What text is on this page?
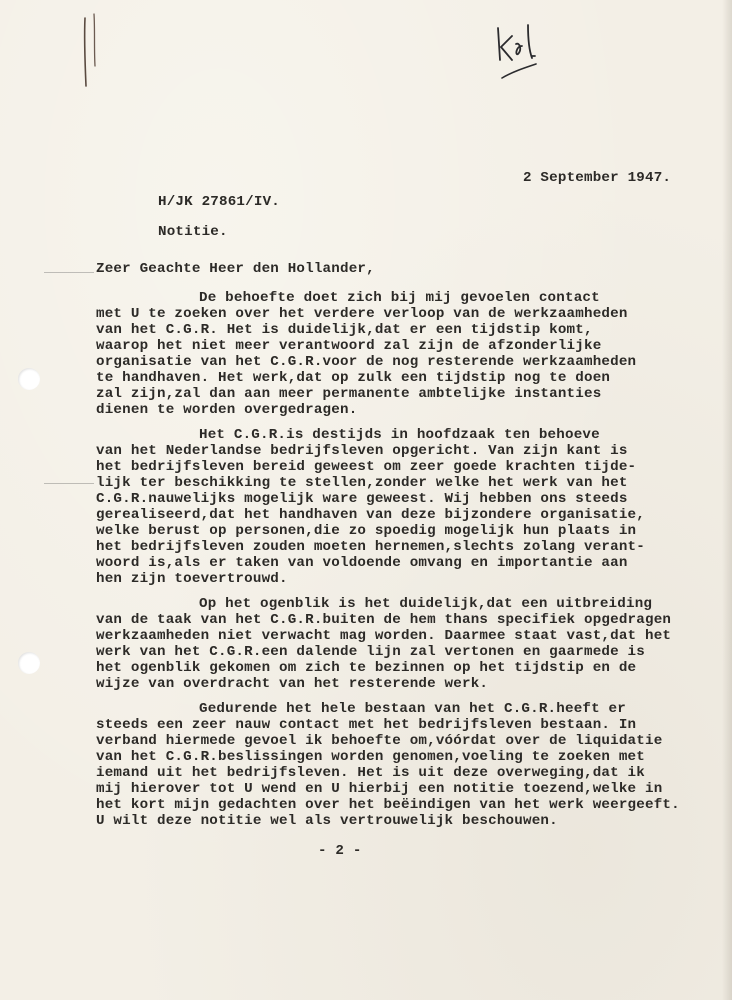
2 September 1947.
H/JK 27861/IV.
Notitie.
Zeer Geachte Heer den Hollander,
De behoefte doet zich bij mij gevoelen contact
met U te zoeken over het verdere verloop van de werkzaamheden
van het C.G.R. Het is duidelijk,dat er een tijdstip komt,
waarop het niet meer verantwoord zal zijn de afzonderlijke
organisatie van het C.G.R.voor de nog resterende werkzaamheden
te handhaven. Het werk,dat op zulk een tijdstip nog te doen
zal zijn,zal dan aan meer permanente ambtelijke instanties
dienen te worden overgedragen.
Het C.G.R.is destijds in hoofdzaak ten behoeve
van het Nederlandse bedrijfsleven opgericht. Van zijn kant is
het bedrijfsleven bereid geweest om zeer goede krachten tijde-
lijk ter beschikking te stellen,zonder welke het werk van het
C.G.R.nauwelijks mogelijk ware geweest. Wij hebben ons steeds
gerealiseerd,dat het handhaven van deze bijzondere organisatie,
welke berust op personen,die zo spoedig mogelijk hun plaats in
het bedrijfsleven zouden moeten hernemen,slechts zolang verant-
woord is,als er taken van voldoende omvang en importantie aan
hen zijn toevertrouwd.
Op het ogenblik is het duidelijk,dat een uitbreiding
van de taak van het C.G.R.buiten de hem thans specifiek opgedragen
werkzaamheden niet verwacht mag worden. Daarmee staat vast,dat het
werk van het C.G.R.een dalende lijn zal vertonen en gaarmede is
het ogenblik gekomen om zich te bezinnen op het tijdstip en de
wijze van overdracht van het resterende werk.
Gedurende het hele bestaan van het C.G.R.heeft er
steeds een zeer nauw contact met het bedrijfsleven bestaan. In
verband hiermede gevoel ik behoefte om,vóórdat over de liquidatie
van het C.G.R.beslissingen worden genomen,voeling te zoeken met
iemand uit het bedrijfsleven. Het is uit deze overweging,dat ik
mij hierover tot U wend en U hierbij een notitie toezend,welke in
het kort mijn gedachten over het beëindigen van het werk weergeeft.
U wilt deze notitie wel als vertrouwelijk beschouwen.
- 2 -
